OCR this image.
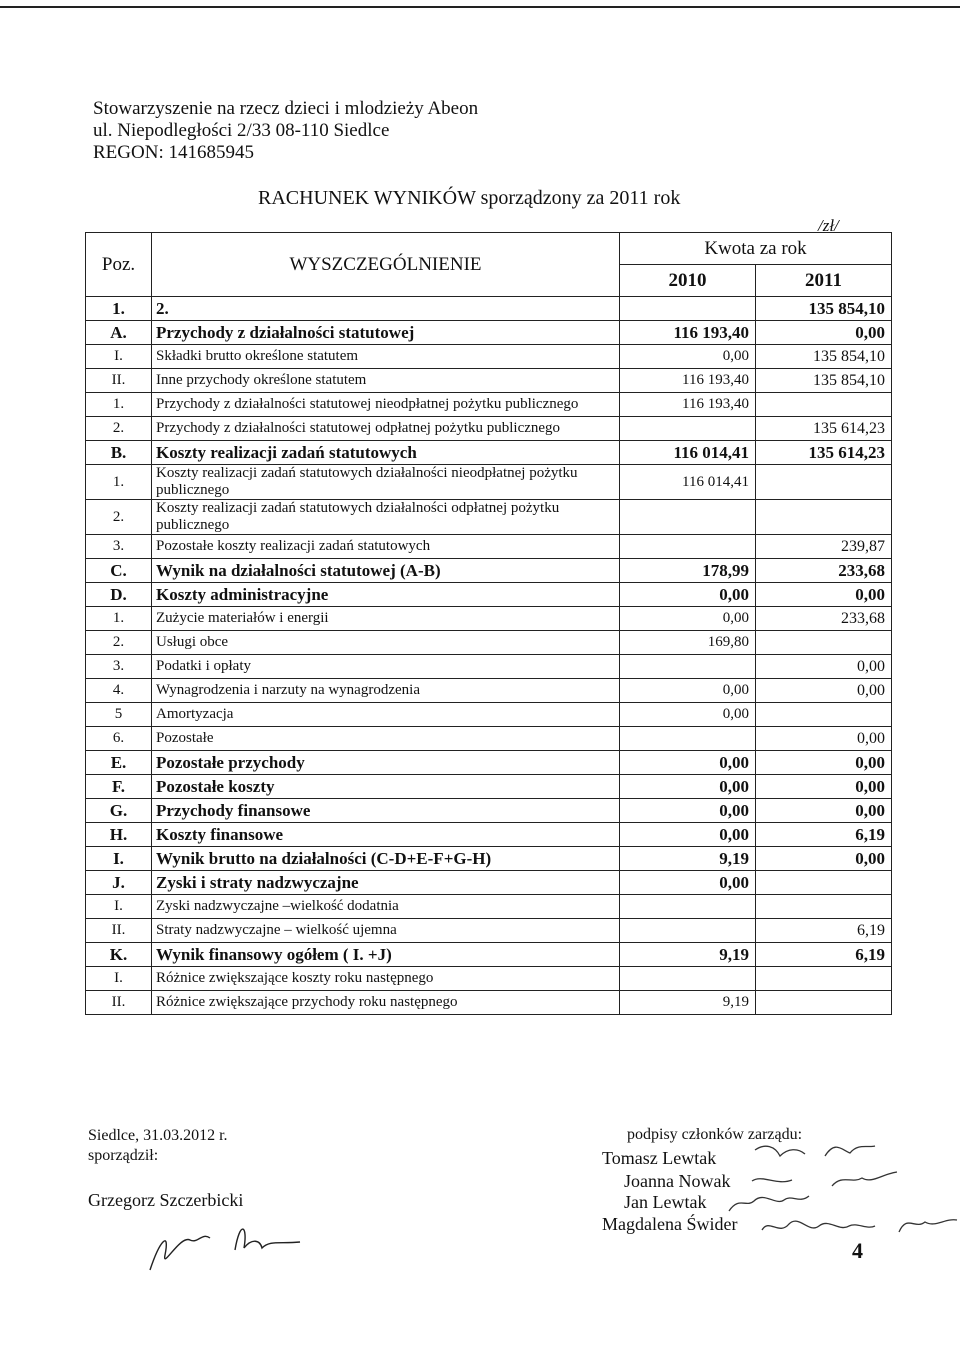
Stowarzyszenie na rzecz dzieci i mlodzieży Abeon
ul. Niepodległości 2/33 08-110 Siedlce
REGON: 141685945
RACHUNEK WYNIKÓW sporządzony za 2011 rok
/zł/
Poz.	WYSZCZEGÓLNIENIE	Kwota za rok	
		2010	2011
1.	2.		135 854,10
A.	Przychody z działalności statutowej	116 193,40	0,00
I.	Składki brutto określone statutem	0,00	135 854,10
II.	Inne przychody określone statutem	116 193,40	135 854,10
1.	Przychody z działalności statutowej nieodpłatnej pożytku publicznego	116 193,40	
2.	Przychody z działalności statutowej odpłatnej pożytku publicznego		135 614,23
B.	Koszty realizacji zadań statutowych	116 014,41	135 614,23
1.	Koszty realizacji zadań statutowych działalności nieodpłatnej pożytku publicznego	116 014,41	
2.	Koszty realizacji zadań statutowych działalności odpłatnej pożytku publicznego		
3.	Pozostałe koszty realizacji zadań statutowych		239,87
C.	Wynik na działalności statutowej (A-B)	178,99	233,68
D.	Koszty administracyjne	0,00	0,00
1.	Zużycie materiałów i energii	0,00	233,68
2.	Usługi obce	169,80	
3.	Podatki i opłaty		0,00
4.	Wynagrodzenia i narzuty na wynagrodzenia	0,00	0,00
5	Amortyzacja	0,00	
6.	Pozostałe		0,00
E.	Pozostałe przychody	0,00	0,00
F.	Pozostałe koszty	0,00	0,00
G.	Przychody finansowe	0,00	0,00
H.	Koszty finansowe	0,00	6,19
I.	Wynik brutto na działalności (C-D+E-F+G-H)	9,19	0,00
J.	Zyski i straty nadzwyczajne	0,00	
I.	Zyski nadzwyczajne –wielkość dodatnia		
II.	Straty nadzwyczajne – wielkość ujemna		6,19
K.	Wynik finansowy ogółem ( I. +J)	9,19	6,19
I.	Różnice zwiększające koszty roku następnego		
II.	Różnice zwiększające przychody roku następnego	9,19	
Siedlce, 31.03.2012 r.
sporządził:
Grzegorz Szczerbicki
podpisy członków zarządu:
Tomasz Lewtak
Joanna Nowak
Jan Lewtak
Magdalena Świder
4
